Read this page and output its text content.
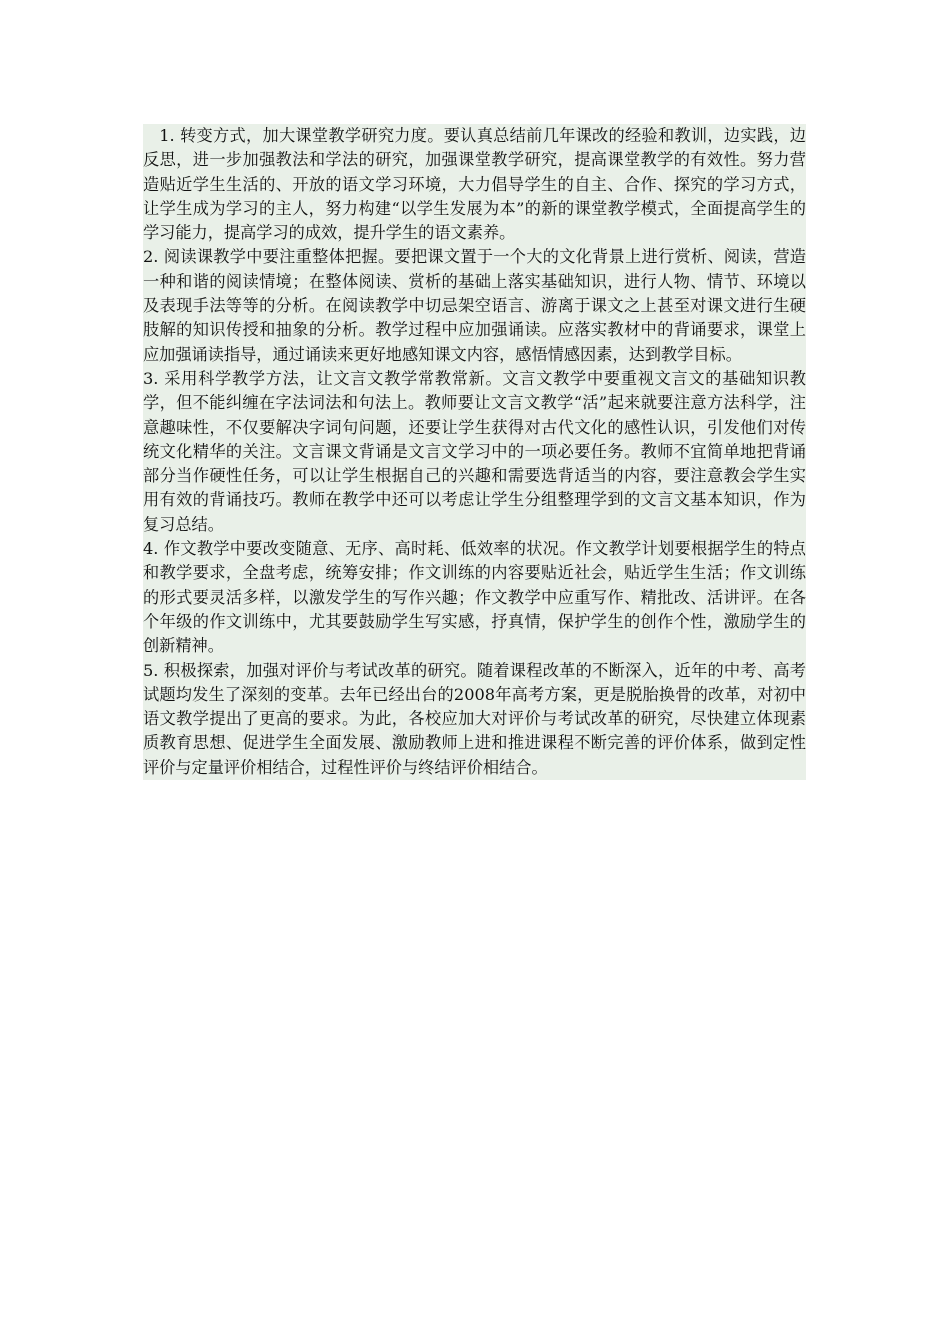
1. 转变方式，加大课堂教学研究力度。要认真总结前几年课改的经验和教训，边实践，边反思，进一步加强教法和学法的研究，加强课堂教学研究，提高课堂教学的有效性。努力营造贴近学生生活的、开放的语文学习环境，大力倡导学生的自主、合作、探究的学习方式，让学生成为学习的主人，努力构建“以学生发展为本”的新的课堂教学模式，全面提高学生的学习能力，提高学习的成效，提升学生的语文素养。

2. 阅读课教学中要注重整体把握。要把课文置于一个大的文化背景上进行赏析、阅读，营造一种和谐的阅读情境；在整体阅读、赏析的基础上落实基础知识，进行人物、情节、环境以及表现手法等等的分析。在阅读教学中切忌架空语言、游离于课文之上甚至对课文进行生硬肢解的知识传授和抽象的分析。教学过程中应加强诵读。应落实教材中的背诵要求，课堂上应加强诵读指导，通过诵读来更好地感知课文内容，感悟情感因素，达到教学目标。

3. 采用科学教学方法，让文言文教学常教常新。文言文教学中要重视文言文的基础知识教学，但不能纠缠在字法词法和句法上。教师要让文言文教学“活”起来就要注意方法科学，注意趣味性，不仅要解决字词句问题，还要让学生获得对古代文化的感性认识，引发他们对传统文化精华的关注。文言课文背诵是文言文学习中的一项必要任务。教师不宜简单地把背诵部分当作硬性任务，可以让学生根据自己的兴趣和需要选背适当的内容，要注意教会学生实用有效的背诵技巧。教师在教学中还可以考虑让学生分组整理学到的文言文基本知识，作为复习总结。

4. 作文教学中要改变随意、无序、高时耗、低效率的状况。作文教学计划要根据学生的特点和教学要求，全盘考虑，统筹安排；作文训练的内容要贴近社会，贴近学生生活；作文训练的形式要灵活多样，以激发学生的写作兴趣；作文教学中应重写作、精批改、活讲评。在各个年级的作文训练中，尤其要鼓励学生写实感，抒真情，保护学生的创作个性，激励学生的创新精神。

5. 积极探索，加强对评价与考试改革的研究。随着课程改革的不断深入，近年的中考、高考试题均发生了深刻的变革。去年已经出台的2008年高考方案，更是脱胎换骨的改革，对初中语文教学提出了更高的要求。为此，各校应加大对评价与考试改革的研究，尽快建立体现素质教育思想、促进学生全面发展、激励教师上进和推进课程不断完善的评价体系，做到定性评价与定量评价相结合，过程性评价与终结评价相结合。
